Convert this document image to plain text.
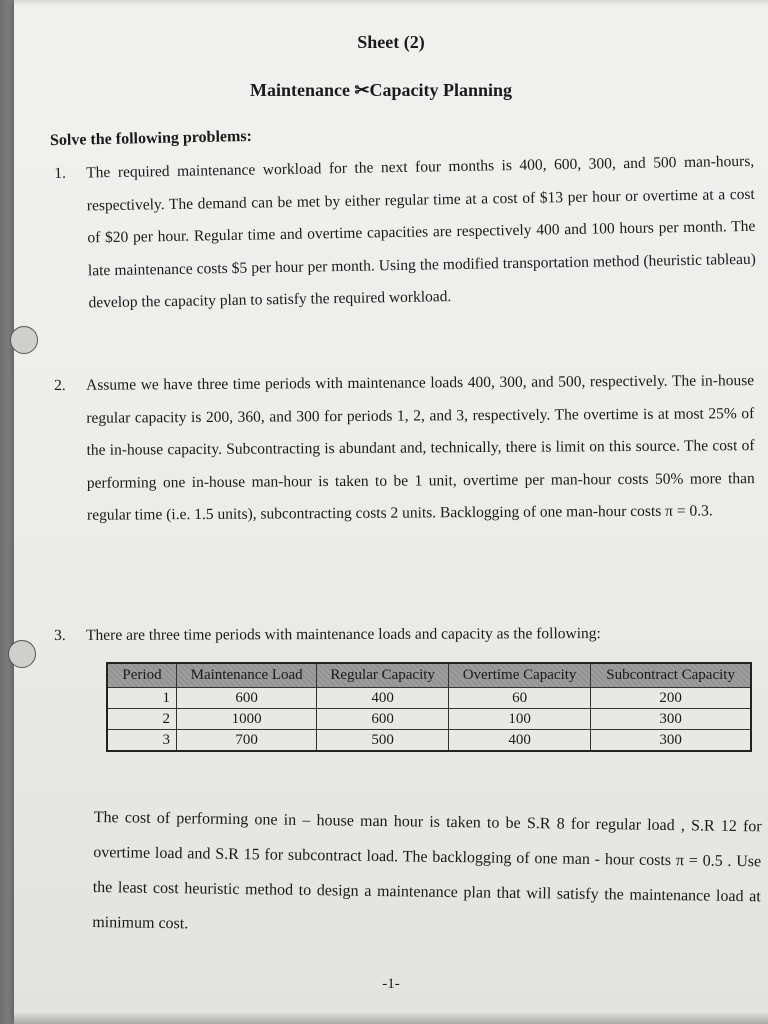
Sheet (2)
Maintenance ✂Capacity Planning
Solve the following problems:
1. The required maintenance workload for the next four months is 400, 600, 300, and 500 man-hours, respectively. The demand can be met by either regular time at a cost of $13 per hour or overtime at a cost of $20 per hour. Regular time and overtime capacities are respectively 400 and 100 hours per month. The late maintenance costs $5 per hour per month. Using the modified transportation method (heuristic tableau) develop the capacity plan to satisfy the required workload.
2. Assume we have three time periods with maintenance loads 400, 300, and 500, respectively. The in-house regular capacity is 200, 360, and 300 for periods 1, 2, and 3, respectively. The overtime is at most 25% of the in-house capacity. Subcontracting is abundant and, technically, there is limit on this source. The cost of performing one in-house man-hour is taken to be 1 unit, overtime per man-hour costs 50% more than regular time (i.e. 1.5 units), subcontracting costs 2 units. Backlogging of one man-hour costs π = 0.3.
3. There are three time periods with maintenance loads and capacity as the following:
Period	Maintenance Load	Regular Capacity	Overtime Capacity	Subcontract Capacity
1	600	400	60	200
2	1000	600	100	300
3	700	500	400	300
The cost of performing one in – house man hour is taken to be S.R 8 for regular load , S.R 12 for overtime load and S.R 15 for subcontract load. The backlogging of one man - hour costs π = 0.5 . Use the least cost heuristic method to design a maintenance plan that will satisfy the maintenance load at minimum cost.
-1-
